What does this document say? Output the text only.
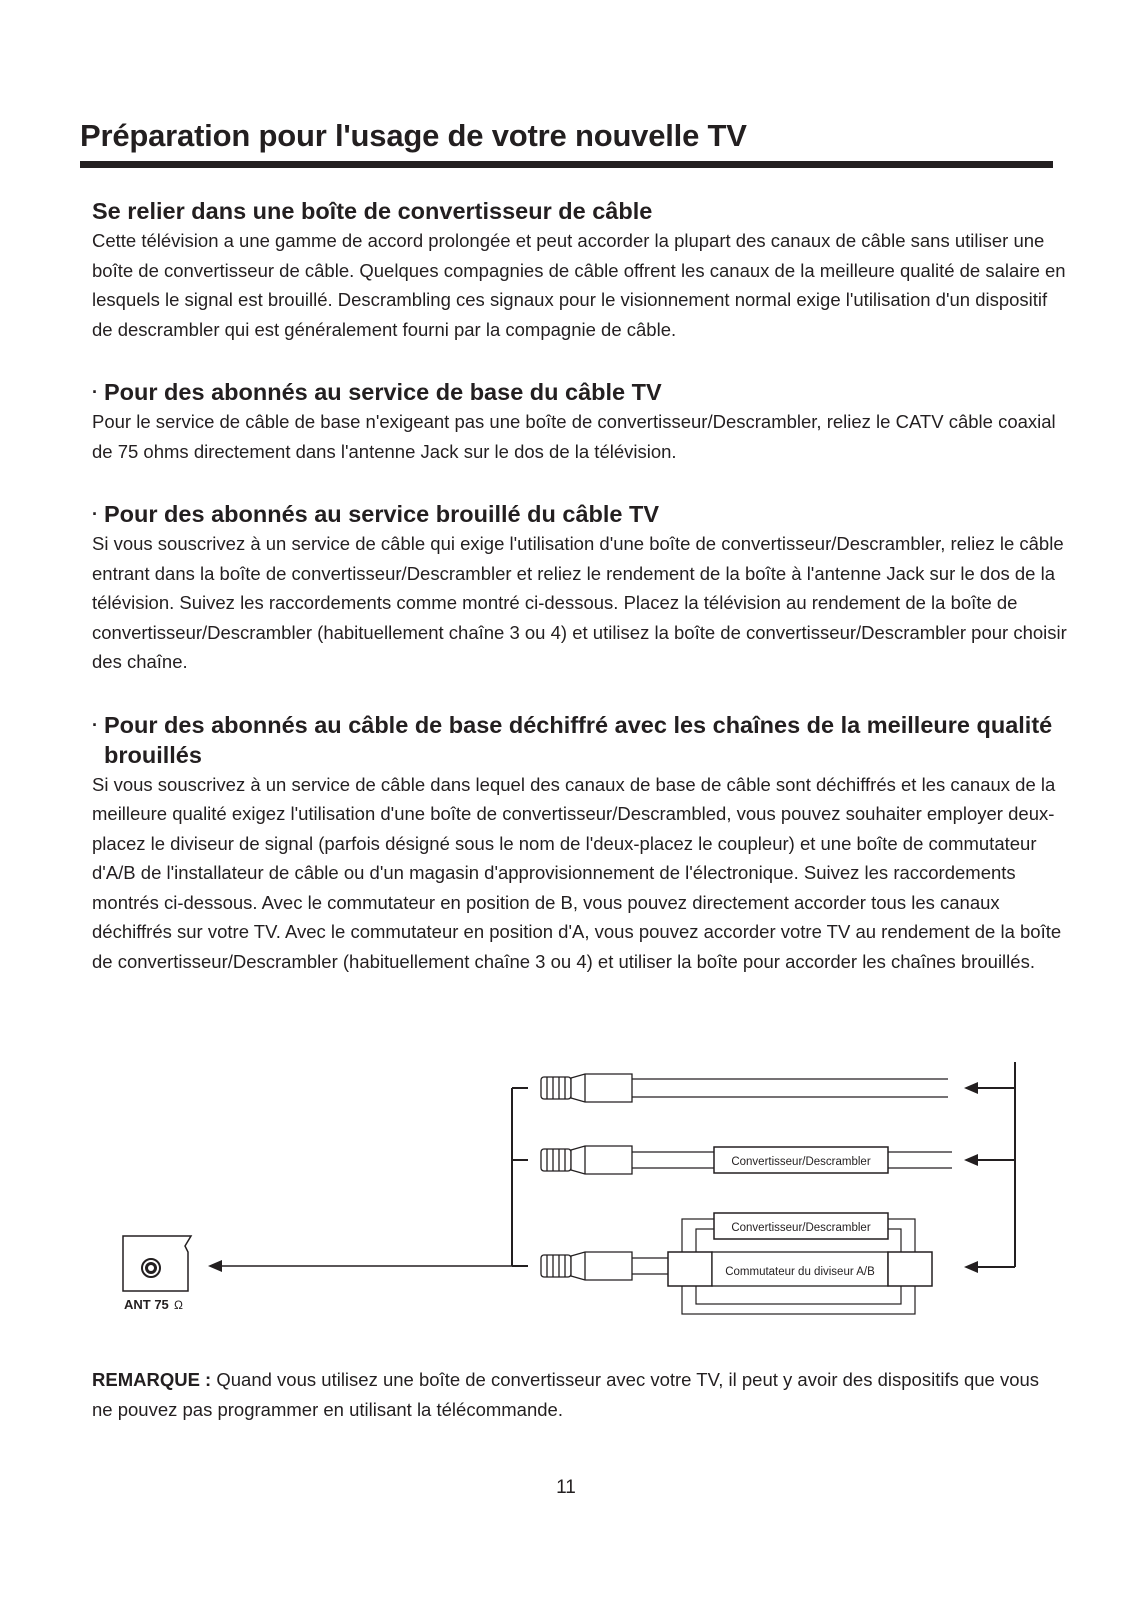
Préparation pour l'usage de votre nouvelle TV
Se relier dans une boîte de convertisseur de câble

Cette télévision a une gamme de accord prolongée et peut accorder la plupart des canaux de câble sans utiliser une boîte de convertisseur de câble. Quelques compagnies de câble offrent les canaux de la meilleure qualité de salaire en lesquels le signal est brouillé. Descrambling ces signaux pour le visionnement normal exige l'utilisation d'un dispositif de descrambler qui est généralement fourni par la compagnie de câble.

· Pour des abonnés au service de base du câble TV

Pour le service de câble de base n'exigeant pas une boîte de convertisseur/Descrambler, reliez le CATV câble coaxial de 75 ohms directement dans l'antenne Jack sur le dos de la télévision.

· Pour des abonnés au service brouillé du câble TV

Si vous souscrivez à un service de câble qui exige l'utilisation d'une boîte de convertisseur/Descrambler, reliez le câble entrant dans la boîte de convertisseur/Descrambler et reliez le rendement de la boîte à l'antenne Jack sur le dos de la télévision. Suivez les raccordements comme montré ci-dessous. Placez la télévision au rendement de la boîte de convertisseur/Descrambler (habituellement chaîne 3 ou 4) et utilisez la boîte de convertisseur/Descrambler pour choisir des chaîne.

· Pour des abonnés au câble de base déchiffré avec les chaînes de la meilleure qualité brouillés

Si vous souscrivez à un service de câble dans lequel des canaux de base de câble sont déchiffrés et les canaux de la meilleure qualité exigez l'utilisation d'une boîte de convertisseur/Descrambled, vous pouvez souhaiter employer deux-placez le diviseur de signal (parfois désigné sous le nom de l'deux-placez le coupleur) et une boîte de commutateur d'A/B de l'installateur de câble ou d'un magasin d'approvisionnement de l'électronique. Suivez les raccordements montrés ci-dessous. Avec le commutateur en position de B, vous pouvez directement accorder tous les canaux déchiffrés sur votre TV. Avec le commutateur en position d'A, vous pouvez accorder votre TV au rendement de la boîte de convertisseur/Descrambler (habituellement chaîne 3 ou 4) et utiliser la boîte pour accorder les chaînes brouillés.

ANT 75 Ω
Convertisseur/Descrambler
Convertisseur/Descrambler
Commutateur du diviseur A/B
REMARQUE : Quand vous utilisez une boîte de convertisseur avec votre TV, il peut y avoir des dispositifs que vous ne pouvez pas programmer en utilisant la télécommande.
11
